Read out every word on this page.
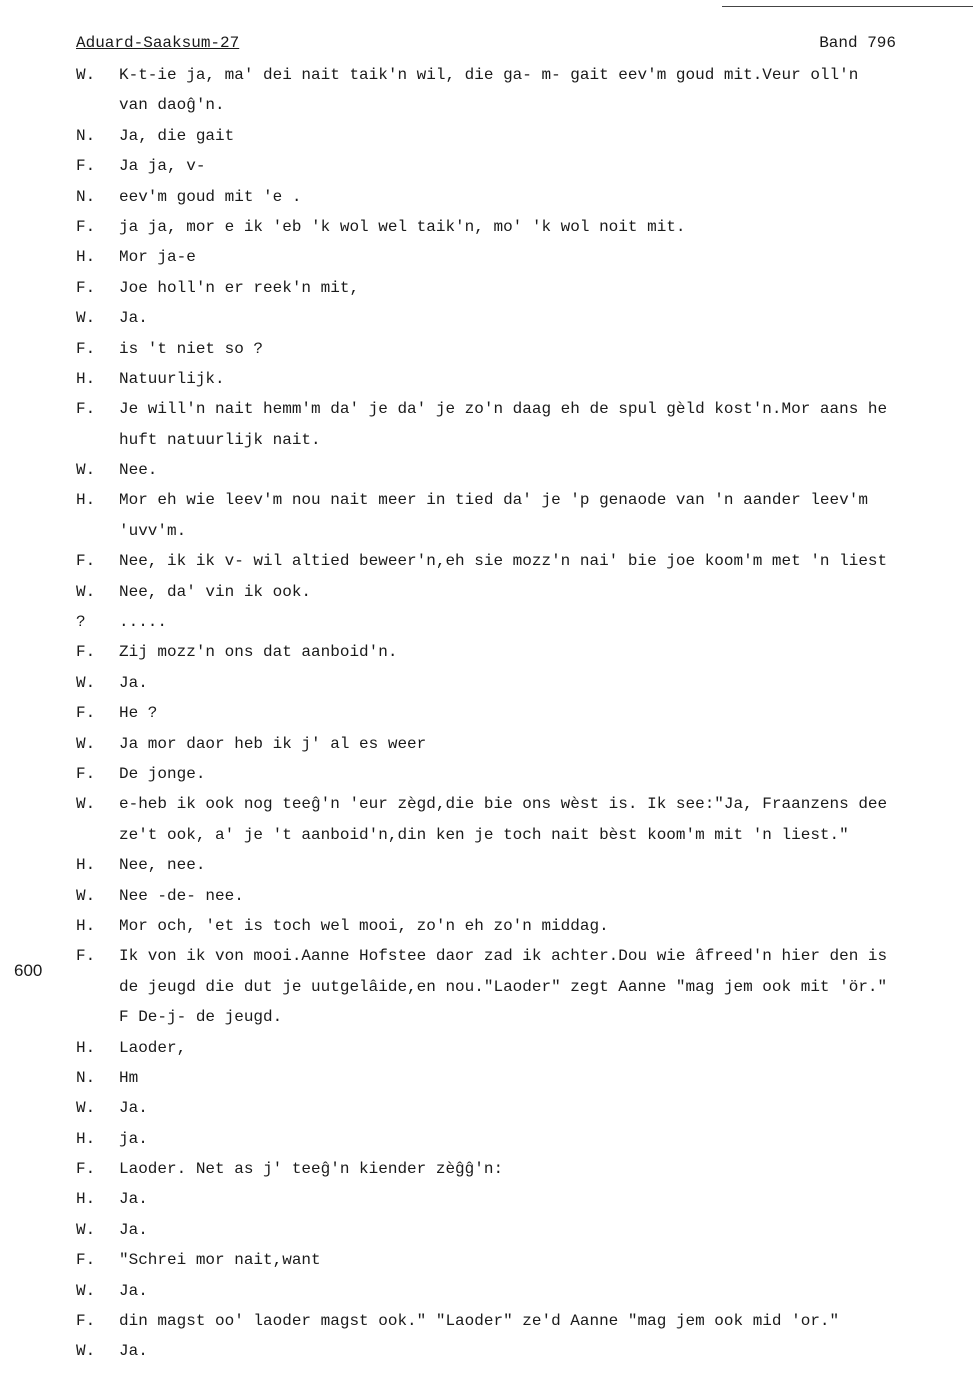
Aduard-Saaksum-27	Band 796
600
W. K-t-ie ja, ma' dei nait taik'n wil, die ga- m- gait eev'm goud mit.Veur oll'n
van daoĝ'n.
N. Ja, die gait
F. Ja ja, v-
N. eev'm goud mit 'e .
F. ja ja, mor e ik 'eb 'k wol wel taik'n, mo' 'k wol noit mit.
H. Mor ja-e
F. Joe holl'n er reek'n mit,
W. Ja.
F. is 't niet so ?
H. Natuurlijk.
F. Je will'n nait hemm'm da' je da' je zo'n daag eh de spul gèld kost'n.Mor aans he
huft natuurlijk nait.
W. Nee.
H. Mor eh wie leev'm nou nait meer in tied da' je 'p genaode van 'n aander leev'm
'uvv'm.
F. Nee, ik ik v- wil altied beweer'n,eh sie mozz'n nai' bie joe koom'm met 'n liest
W. Nee, da' vin ik ook.
? .....
F. Zij mozz'n ons dat aanboid'n.
W. Ja.
F. He ?
W. Ja mor daor heb ik j' al es weer
F. De jonge.
W. e-heb ik ook nog teeĝ'n 'eur zègd,die bie ons wèst is. Ik see:"Ja, Fraanzens dee
ze't ook, a' je 't aanboid'n,din ken je toch nait bèst koom'm mit 'n liest."
H. Nee, nee.
W. Nee -de- nee.
H. Mor och, 'et is toch wel mooi, zo'n eh zo'n middag.
F. Ik von ik von mooi.Aanne Hofstee daor zad ik achter.Dou wie âfreed'n hier den is
de jeugd die dut je uutgelâide,en nou."Laoder" zegt Aanne "mag jem ook mit 'ör."
F De-j- de jeugd.
H. Laoder,
N. Hm
W. Ja.
H. ja.
F. Laoder. Net as j' teeĝ'n kiender zèĝĝ'n:
H. Ja.
W. Ja.
F. "Schrei mor nait,want
W. Ja.
F. din magst oo' laoder magst ook." "Laoder" ze'd Aanne "mag jem ook mid 'or."
W. Ja.
